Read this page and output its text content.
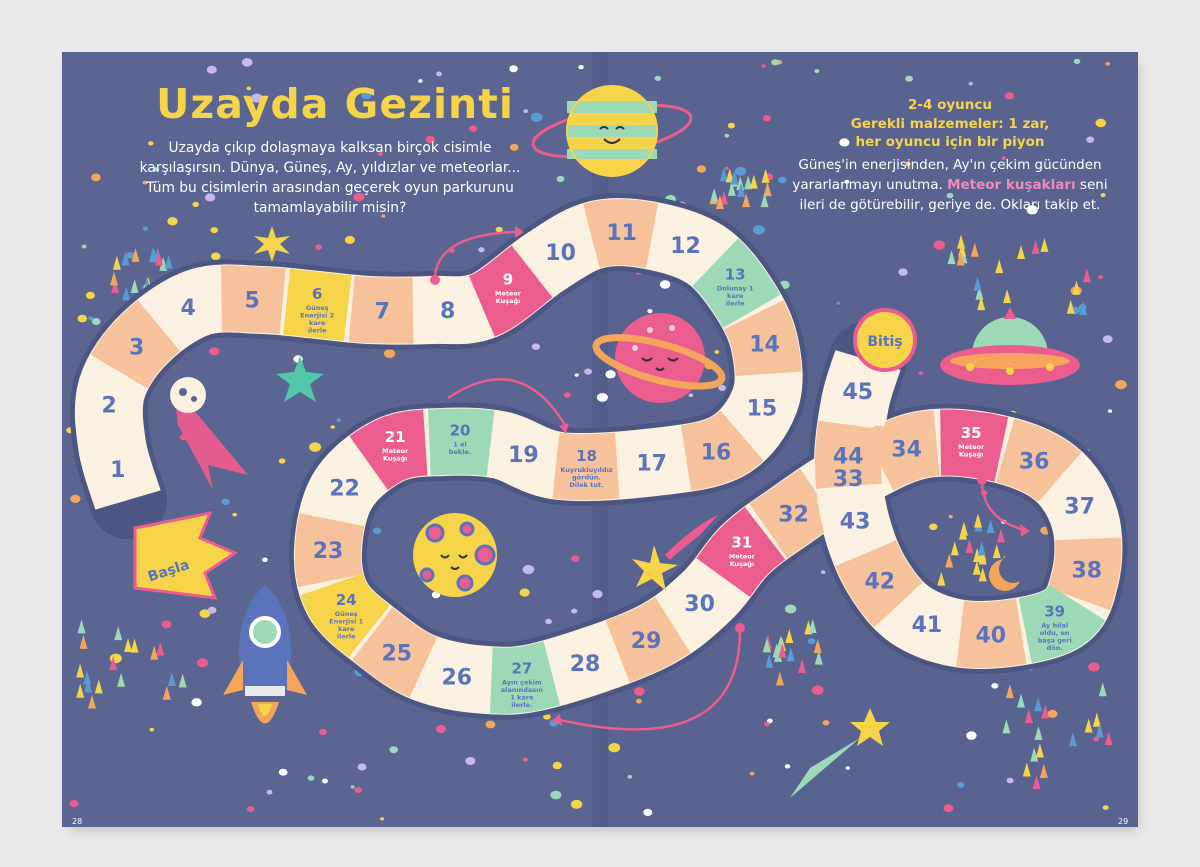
1
2
3
4 5	6
Güneş Enerjisi 2 kare ilerle
7 8
9
Meteor Kuşağı
10
11
12
13
Dolunay 1 kare ilerle
14
15
16
17
18
Kuyrukluyıldız gördün. Dilek tut.
19
20
1 el bekle.
21
Meteor Kuşağı
22
23
24
Güneş Enerjisi 1 kare ilerle
25
26	27
Ayın çekim alanındasın 1 kare ilerle.
28
29
30
31
Meteor Kuşağı
32
33
34
35
Meteor Kuşağı 36
37
38
39
Ay hilal oldu, en başa geri dön.
40
41
42
43
44
45
Başla
Bitiş
Uzayda Gezinti
Uzayda çıkıp dolaşmaya kalksan birçok cisimle
karşılaşırsın. Dünya, Güneş, Ay, yıldızlar ve meteorlar...
Tüm bu cisimlerin arasından geçerek oyun parkurunu
tamamlayabilir misin?
2-4 oyuncu
Gerekli malzemeler: 1 zar,
her oyuncu için bir piyon
Güneş'in enerjisinden, Ay'ın çekim gücünden
yararlanmayı unutma. Meteor kuşakları seni
ileri de götürebilir, geriye de. Okları takip et.
28	29
